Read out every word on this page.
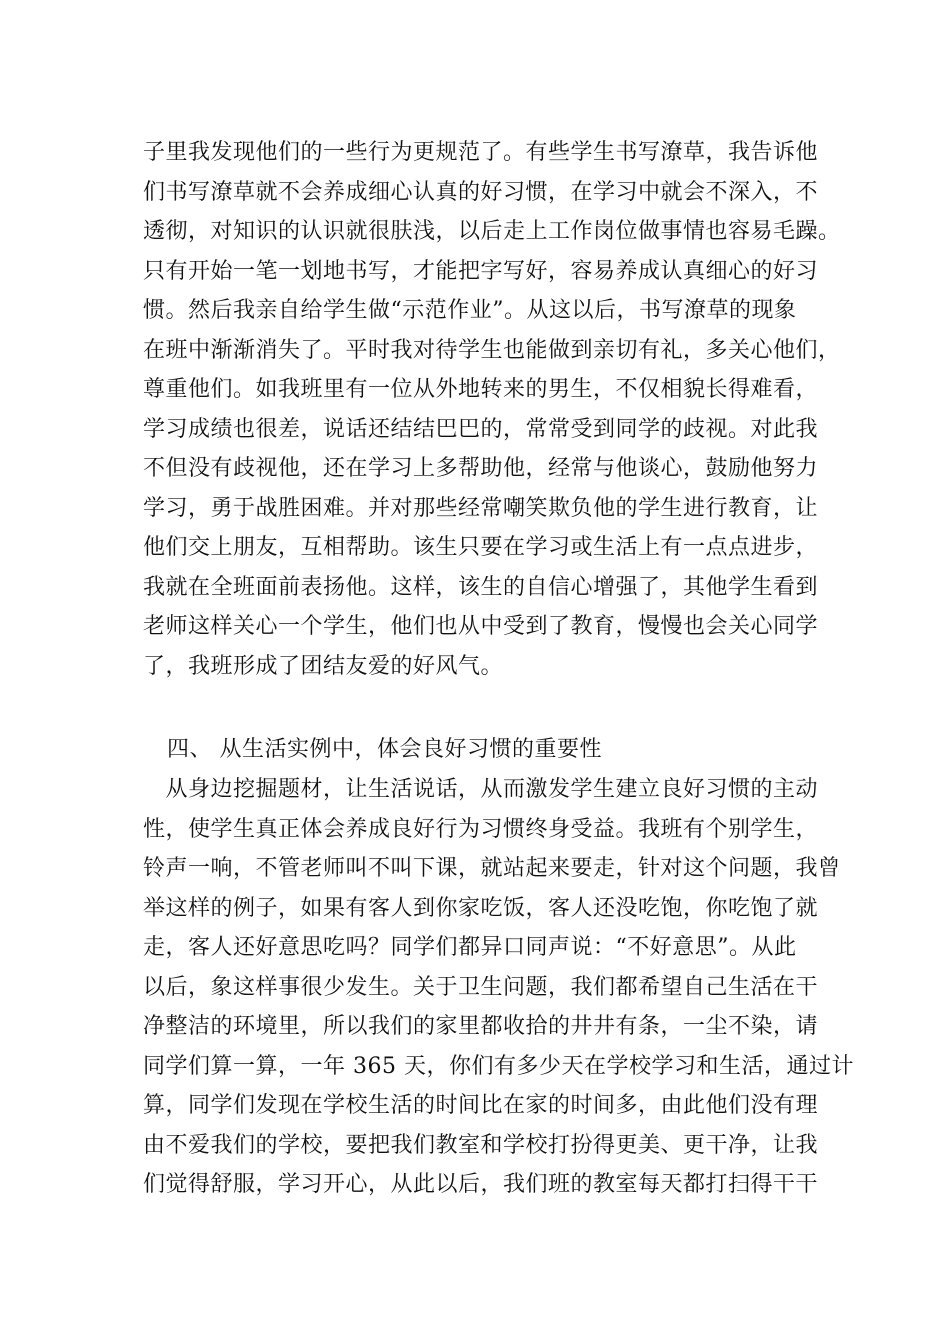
子里我发现他们的一些行为更规范了。有些学生书写潦草，我告诉他
们书写潦草就不会养成细心认真的好习惯，在学习中就会不深入，不
透彻，对知识的认识就很肤浅，以后走上工作岗位做事情也容易毛躁。
只有开始一笔一划地书写，才能把字写好，容易养成认真细心的好习
惯。然后我亲自给学生做“示范作业”。从这以后，书写潦草的现象
在班中渐渐消失了。平时我对待学生也能做到亲切有礼，多关心他们，
尊重他们。如我班里有一位从外地转来的男生，不仅相貌长得难看，
学习成绩也很差，说话还结结巴巴的，常常受到同学的歧视。对此我
不但没有歧视他，还在学习上多帮助他，经常与他谈心，鼓励他努力
学习，勇于战胜困难。并对那些经常嘲笑欺负他的学生进行教育，让
他们交上朋友，互相帮助。该生只要在学习或生活上有一点点进步，
我就在全班面前表扬他。这样，该生的自信心增强了，其他学生看到
老师这样关心一个学生，他们也从中受到了教育，慢慢也会关心同学
了，我班形成了团结友爱的好风气。
四、 从生活实例中，体会良好习惯的重要性
　从身边挖掘题材，让生活说话，从而激发学生建立良好习惯的主动
性，使学生真正体会养成良好行为习惯终身受益。我班有个别学生，
铃声一响，不管老师叫不叫下课，就站起来要走，针对这个问题，我曾
举这样的例子，如果有客人到你家吃饭，客人还没吃饱，你吃饱了就
走，客人还好意思吃吗？同学们都异口同声说：“不好意思”。从此
以后，象这样事很少发生。关于卫生问题，我们都希望自己生活在干
净整洁的环境里，所以我们的家里都收拾的井井有条，一尘不染，请
同学们算一算，一年 365 天，你们有多少天在学校学习和生活，通过计
算，同学们发现在学校生活的时间比在家的时间多，由此他们没有理
由不爱我们的学校，要把我们教室和学校打扮得更美、更干净，让我
们觉得舒服，学习开心，从此以后，我们班的教室每天都打扫得干干
